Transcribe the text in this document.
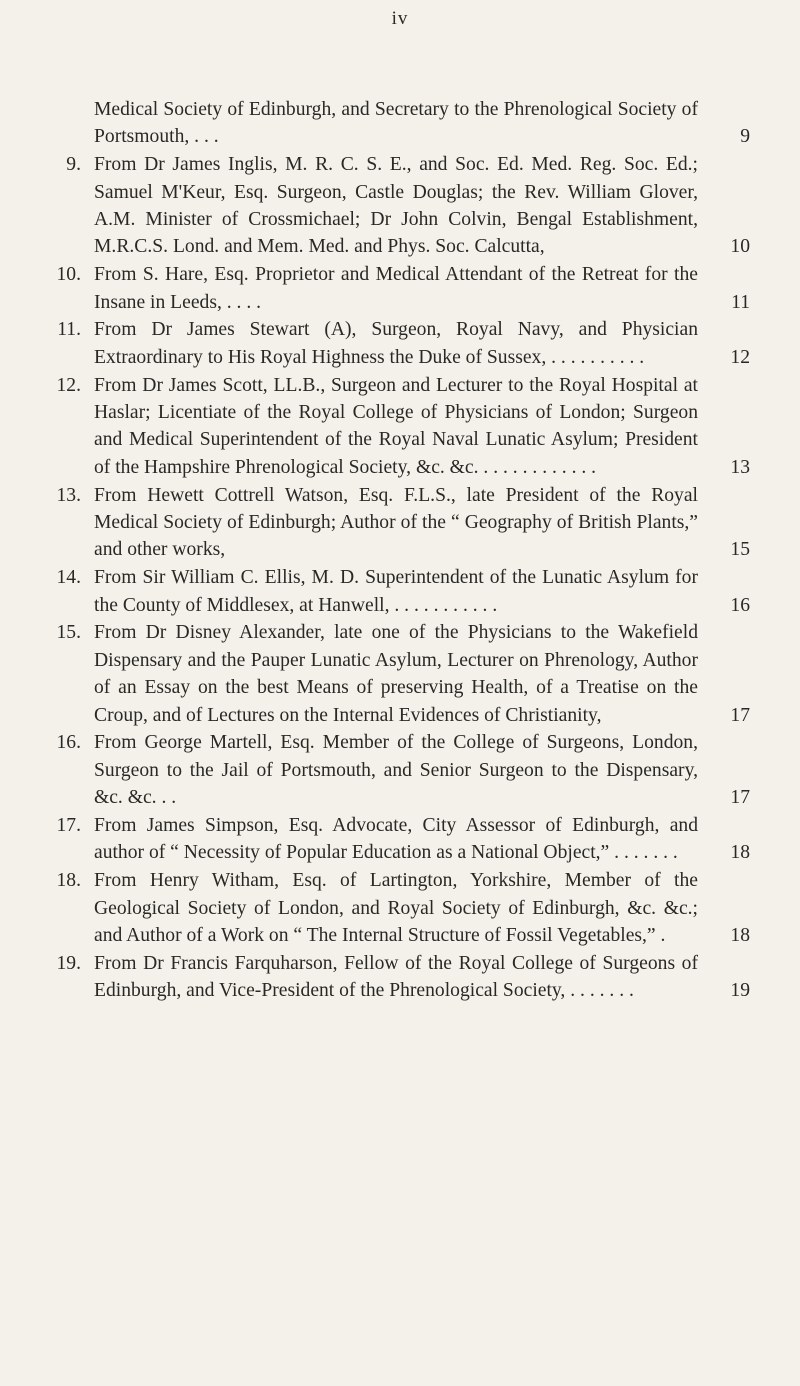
iv
Medical Society of Edinburgh, and Secretary to the Phrenological Society of Portsmouth, . . .	9
9. From Dr James Inglis, M. R. C. S. E., and Soc. Ed. Med. Reg. Soc. Ed.; Samuel M'Keur, Esq. Surgeon, Castle Douglas; the Rev. William Glover, A.M. Minister of Crossmichael; Dr John Colvin, Bengal Establishment, M.R.C.S. Lond. and Mem. Med. and Phys. Soc. Calcutta,	10
10. From S. Hare, Esq. Proprietor and Medical Attendant of the Retreat for the Insane in Leeds, . . . .	11
11. From Dr James Stewart (A), Surgeon, Royal Navy, and Physician Extraordinary to His Royal Highness the Duke of Sussex, . . . . . . . . . .	12
12. From Dr James Scott, LL.B., Surgeon and Lecturer to the Royal Hospital at Haslar; Licentiate of the Royal College of Physicians of London; Surgeon and Medical Superintendent of the Royal Naval Lunatic Asylum; President of the Hampshire Phrenological Society, &c. &c. . . . . . . . . . . . .	13
13. From Hewett Cottrell Watson, Esq. F.L.S., late President of the Royal Medical Society of Edinburgh; Author of the “ Geography of British Plants,” and other works,	15
14. From Sir William C. Ellis, M. D. Superintendent of the Lunatic Asylum for the County of Middlesex, at Hanwell, . . . . . . . . . . .	16
15. From Dr Disney Alexander, late one of the Physicians to the Wakefield Dispensary and the Pauper Lunatic Asylum, Lecturer on Phrenology, Author of an Essay on the best Means of preserving Health, of a Treatise on the Croup, and of Lectures on the Internal Evidences of Christianity,	17
16. From George Martell, Esq. Member of the College of Surgeons, London, Surgeon to the Jail of Portsmouth, and Senior Surgeon to the Dispensary, &c. &c. . .	17
17. From James Simpson, Esq. Advocate, City Assessor of Edinburgh, and author of “ Necessity of Popular Education as a National Object,” . . . . . . .	18
18. From Henry Witham, Esq. of Lartington, Yorkshire, Member of the Geological Society of London, and Royal Society of Edinburgh, &c. &c.; and Author of a Work on “ The Internal Structure of Fossil Vegetables,” .	18
19. From Dr Francis Farquharson, Fellow of the Royal College of Surgeons of Edinburgh, and Vice-President of the Phrenological Society, . . . . . . .	19
